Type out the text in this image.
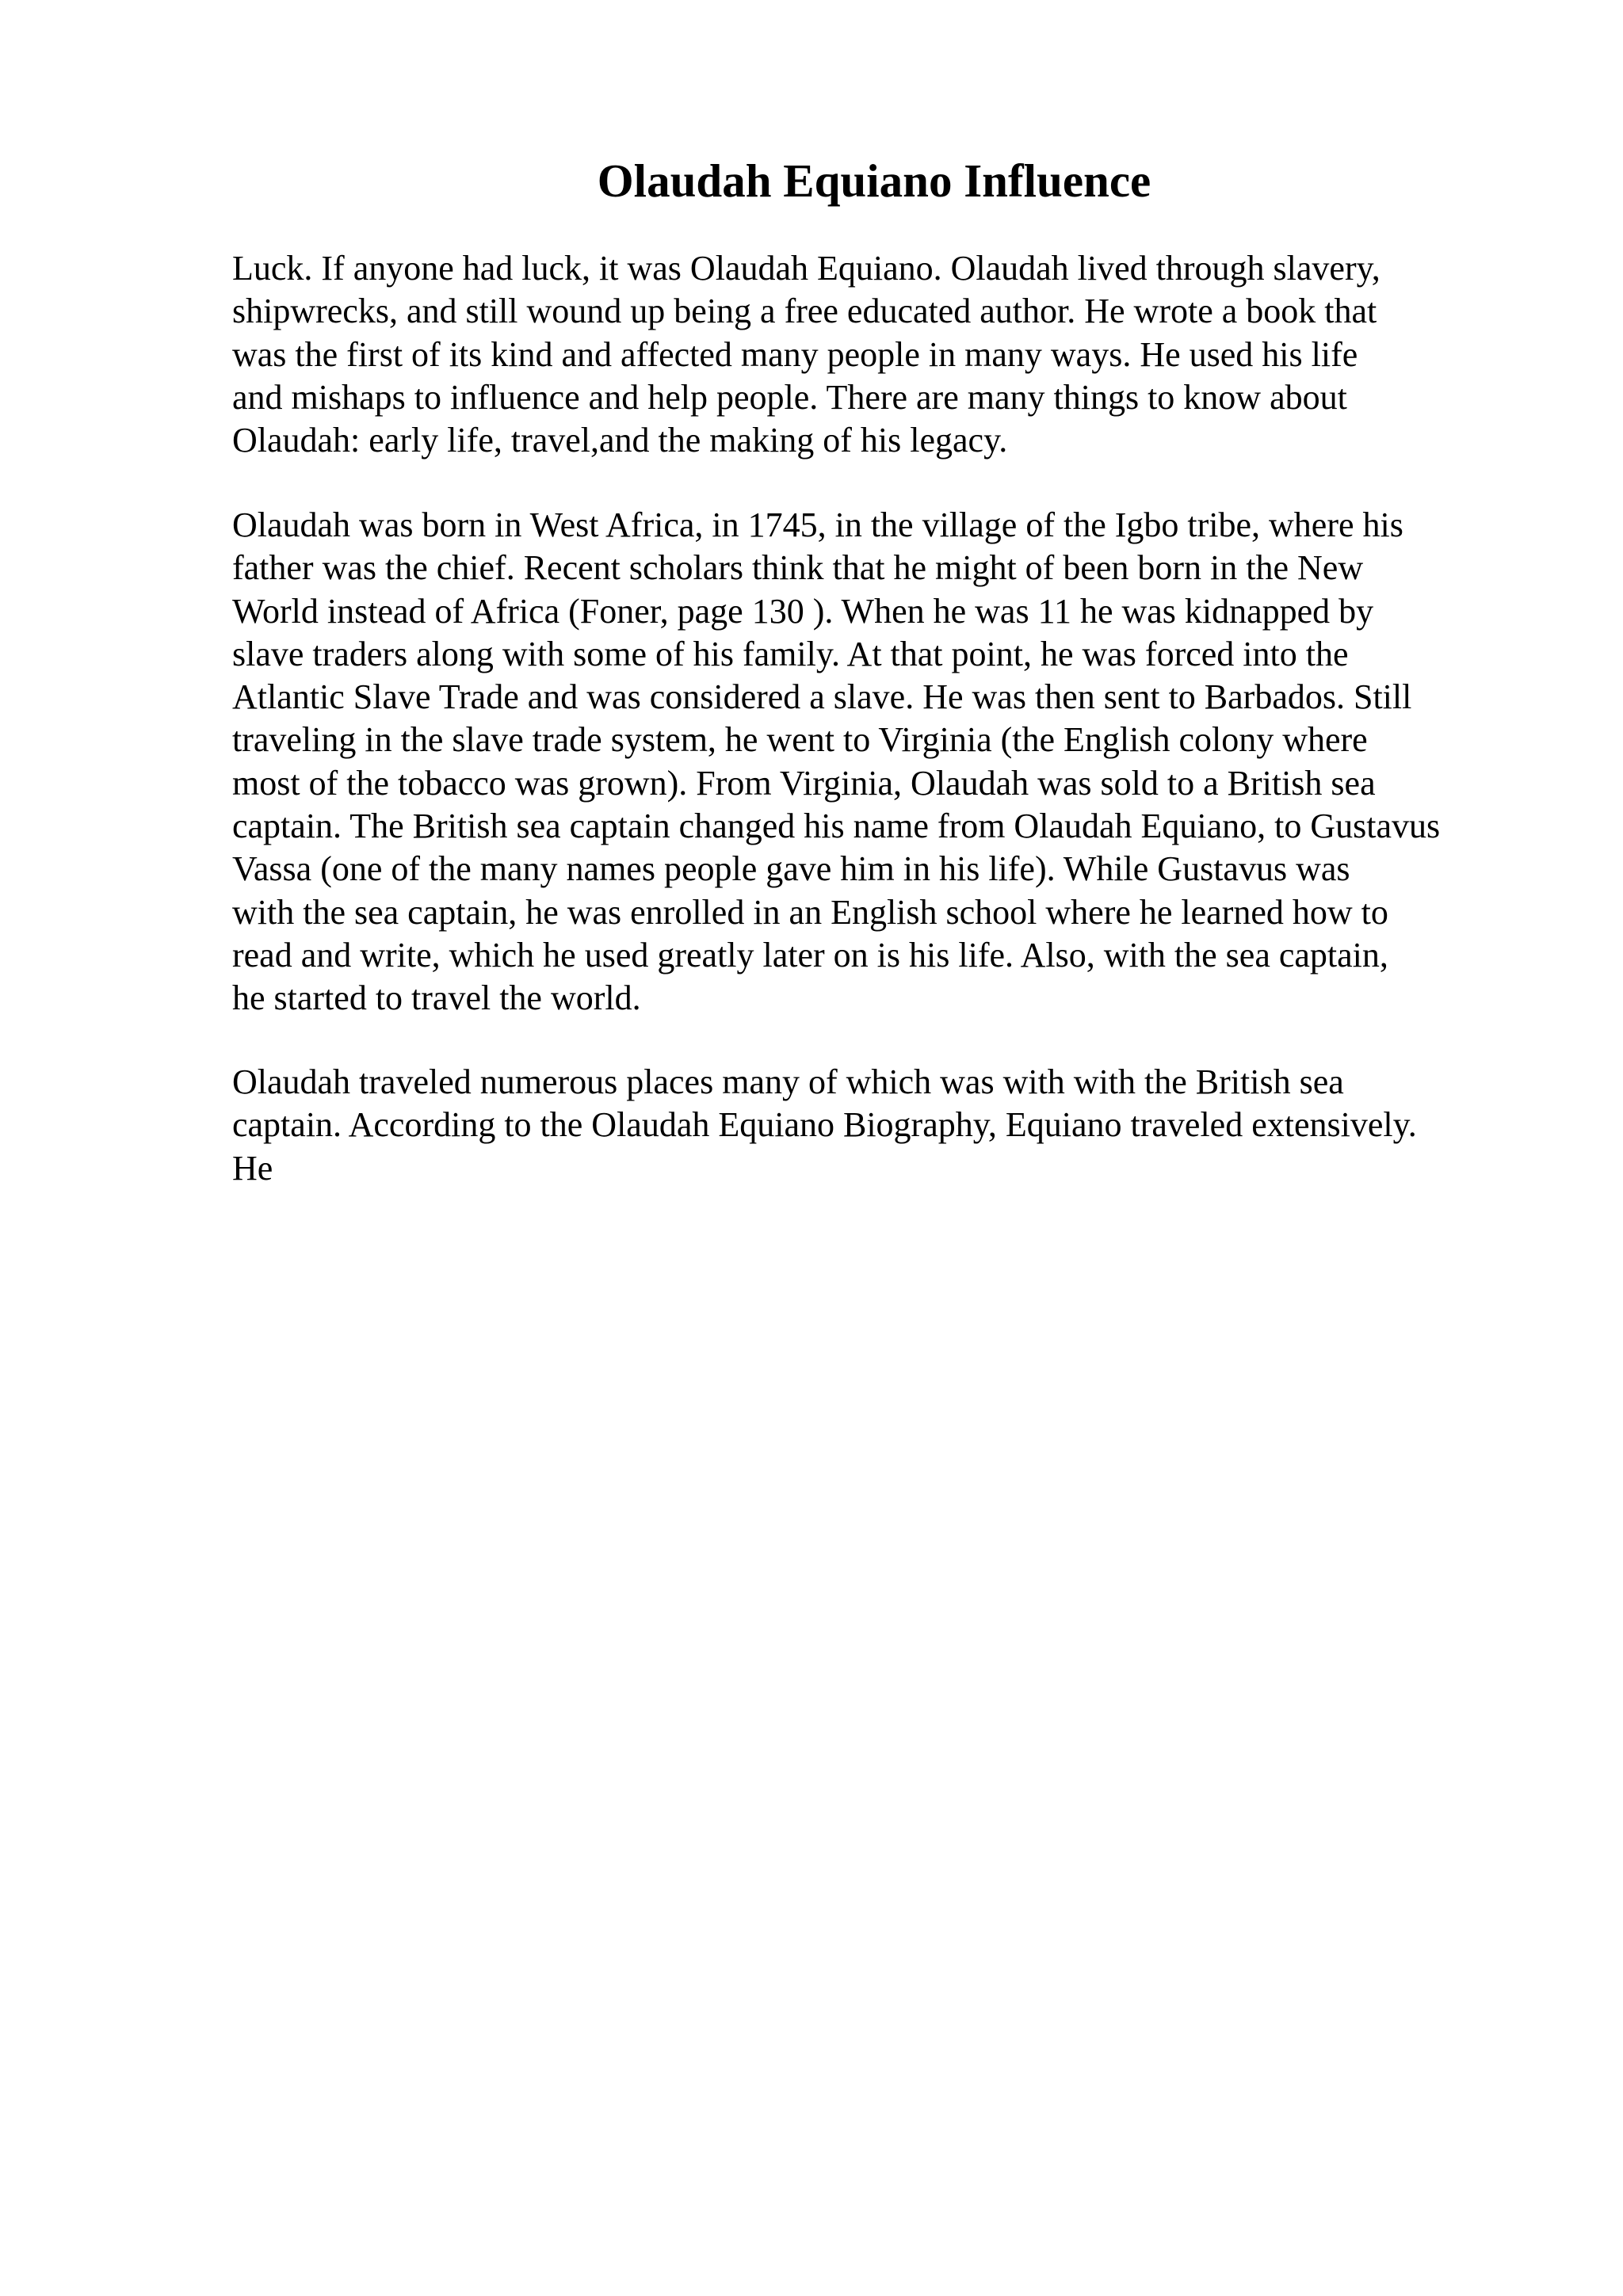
Olaudah Equiano Influence
Luck. If anyone had luck, it was Olaudah Equiano. Olaudah lived through slavery,
shipwrecks, and still wound up being a free educated author. He wrote a book that
was the first of its kind and affected many people in many ways. He used his life
and mishaps to influence and help people. There are many things to know about
Olaudah: early life, travel,and the making of his legacy.
Olaudah was born in West Africa, in 1745, in the village of the Igbo tribe, where his
father was the chief. Recent scholars think that he might of been born in the New
World instead of Africa (Foner, page 130 ). When he was 11 he was kidnapped by
slave traders along with some of his family. At that point, he was forced into the
Atlantic Slave Trade and was considered a slave. He was then sent to Barbados. Still
traveling in the slave trade system, he went to Virginia (the English colony where
most of the tobacco was grown). From Virginia, Olaudah was sold to a British sea
captain. The British sea captain changed his name from Olaudah Equiano, to Gustavus
Vassa (one of the many names people gave him in his life). While Gustavus was
with the sea captain, he was enrolled in an English school where he learned how to
read and write, which he used greatly later on is his life. Also, with the sea captain,
he started to travel the world.
Olaudah traveled numerous places many of which was with with the British sea
captain. According to the Olaudah Equiano Biography, Equiano traveled extensively.
He
